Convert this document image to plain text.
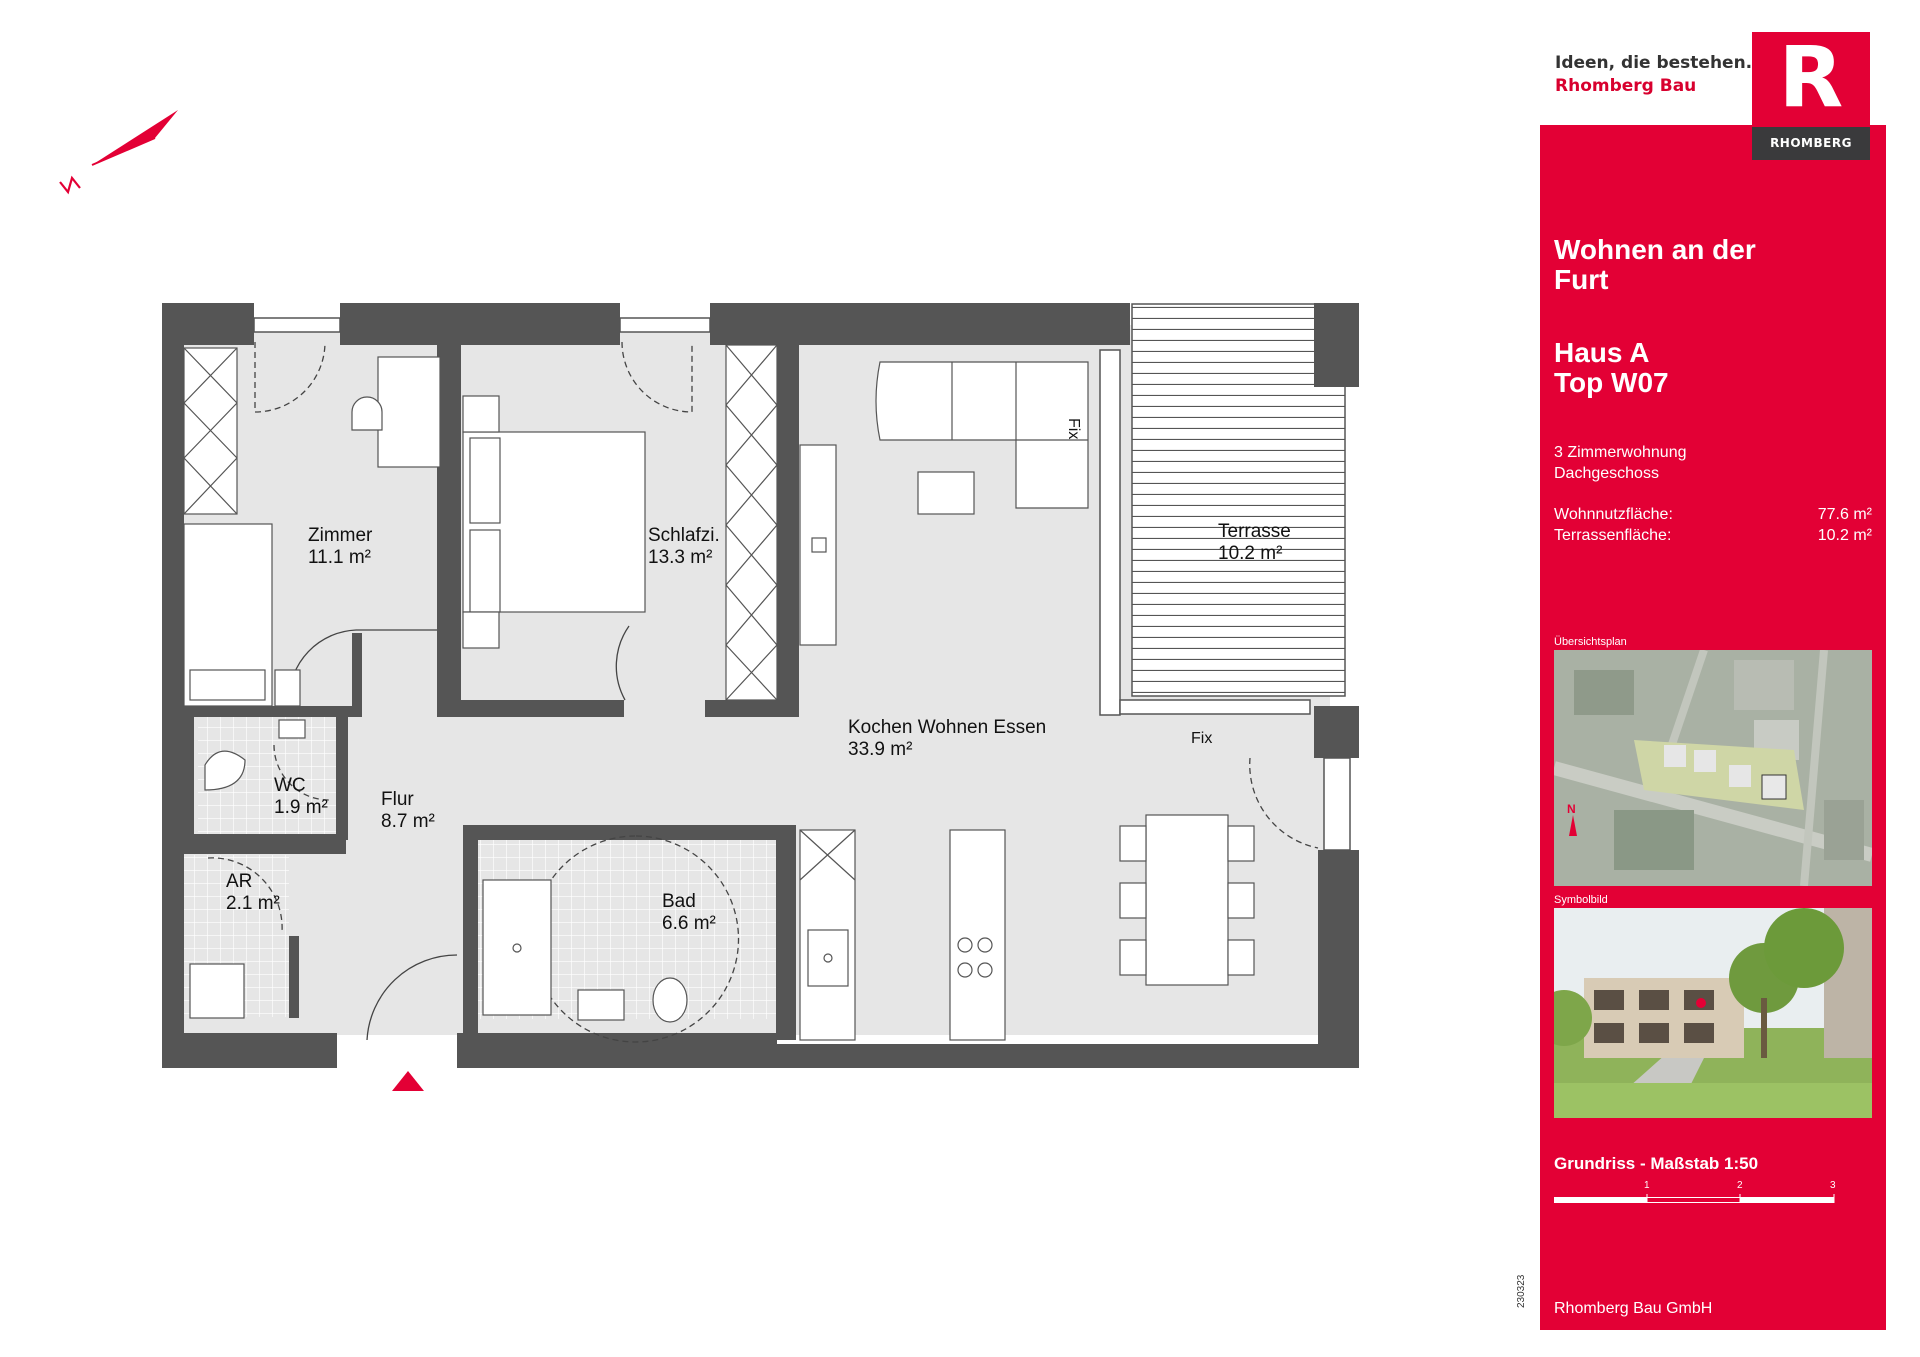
Zimmer
11.1 m²
Schlafzi.
13.3 m²
Terrasse
10.2 m²
Kochen Wohnen Essen
33.9 m²
WC
1.9 m²	Flur
8.7 m²
AR
2.1 m²	Bad
6.6 m²
Fix
Fix
Ideen, die bestehen.
Rhomberg Bau
Wohnen an der
Furt
Haus A
Top W07
3 Zimmerwohnung
Dachgeschoss
Wohnnutzfläche:	77.6 m²
Terrassenfläche:	10.2 m²
Übersichtsplan
N
Symbolbild
Grundriss - Maßstab 1:50
1	2	3
Rhomberg Bau GmbH
R
RHOMBERG
230323
